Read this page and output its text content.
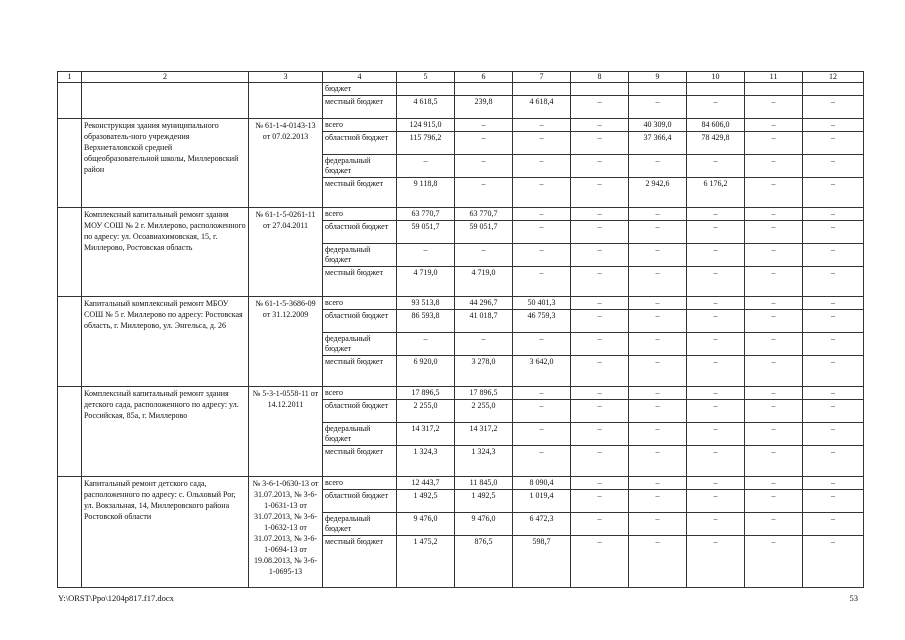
1	2	3	4	5	6	7	8	9	10	11	12	
			бюджет									
			местный бюджет	4 618,5	239,8	4 618,4	–	–	–	–	–	
	Реконструкция здания муниципального образователь-ного учреждения Верхнеталовской средней общеобразовательной школы, Миллеровский район	№ 61-1-4-0143-13 от 07.02.2013	всего	124 915,0	–	–	–	40 309,0	84 606,0	–	–	
			областной бюджет	115 796,2	–	–	–	37 366,4	78 429,8	–	–	
			федеральный бюджет	–	–	–	–	–	–	–	–	
			местный бюджет	9 118,8	–	–	–	2 942,6	6 176,2	–	–	
	Комплексный капитальный ремонт здания МОУ СОШ № 2 г. Миллерово, расположенного по адресу: ул. Осоавиахимовская, 15, г. Миллерово, Ростовская область	№ 61-1-5-0261-11 от 27.04.2011	всего	63 770,7	63 770,7	–	–	–	–	–	–	
			областной бюджет	59 051,7	59 051,7	–	–	–	–	–	–	
			федеральный бюджет	–	–	–	–	–	–	–	–	
			местный бюджет	4 719,0	4 719,0	–	–	–	–	–	–	
	Капитальный комплексный ремонт МБОУ СОШ № 5 г. Миллерово по адресу: Ростовская область, г. Миллерово, ул. Энгельса, д. 26	№ 61-1-5-3686-09 от 31.12.2009	всего	93 513,8	44 296,7	50 401,3	–	–	–	–	–	
			областной бюджет	86 593,8	41 018,7	46 759,3	–	–	–	–	–	
			федеральный бюджет	–	–	–	–	–	–	–	–	
			местный бюджет	6 920,0	3 278,0	3 642,0	–	–	–	–	–	
	Комплексный капитальный ремонт здания детского сада, расположенного по адресу: ул. Российская, 85а, г. Миллерово	№ 5-3-1-0558-11 от 14.12.2011	всего	17 896,5	17 896,5	–	–	–	–	–	–	
			областной бюджет	2 255,0	2 255,0	–	–	–	–	–	–	
			федеральный бюджет	14 317,2	14 317,2	–	–	–	–	–	–	
			местный бюджет	1 324,3	1 324,3	–	–	–	–	–	–	
	Капитальный ремонт детского сада, расположенного по адресу: с. Ольховый Рог, ул. Вокзальная, 14, Миллеровского района Ростовской области	№ 3-6-1-0630-13 от 31.07.2013, № 3-6-1-0631-13 от 31.07.2013, № 3-6-1-0632-13 от 31.07.2013, № 3-6-1-0694-13 от 19.08.2013, № 3-6-1-0695-13	всего	12 443,7	11 845,0	8 090,4	–	–	–	–	–	
			областной бюджет	1 492,5	1 492,5	1 019,4	–	–	–	–	–	
			федеральный бюджет	9 476,0	9 476,0	6 472,3	–	–	–	–	–	
			местный бюджет	1 475,2	876,5	598,7	–	–	–	–	–	
Y:\ORST\Ppo\1204p817.f17.docx	53
